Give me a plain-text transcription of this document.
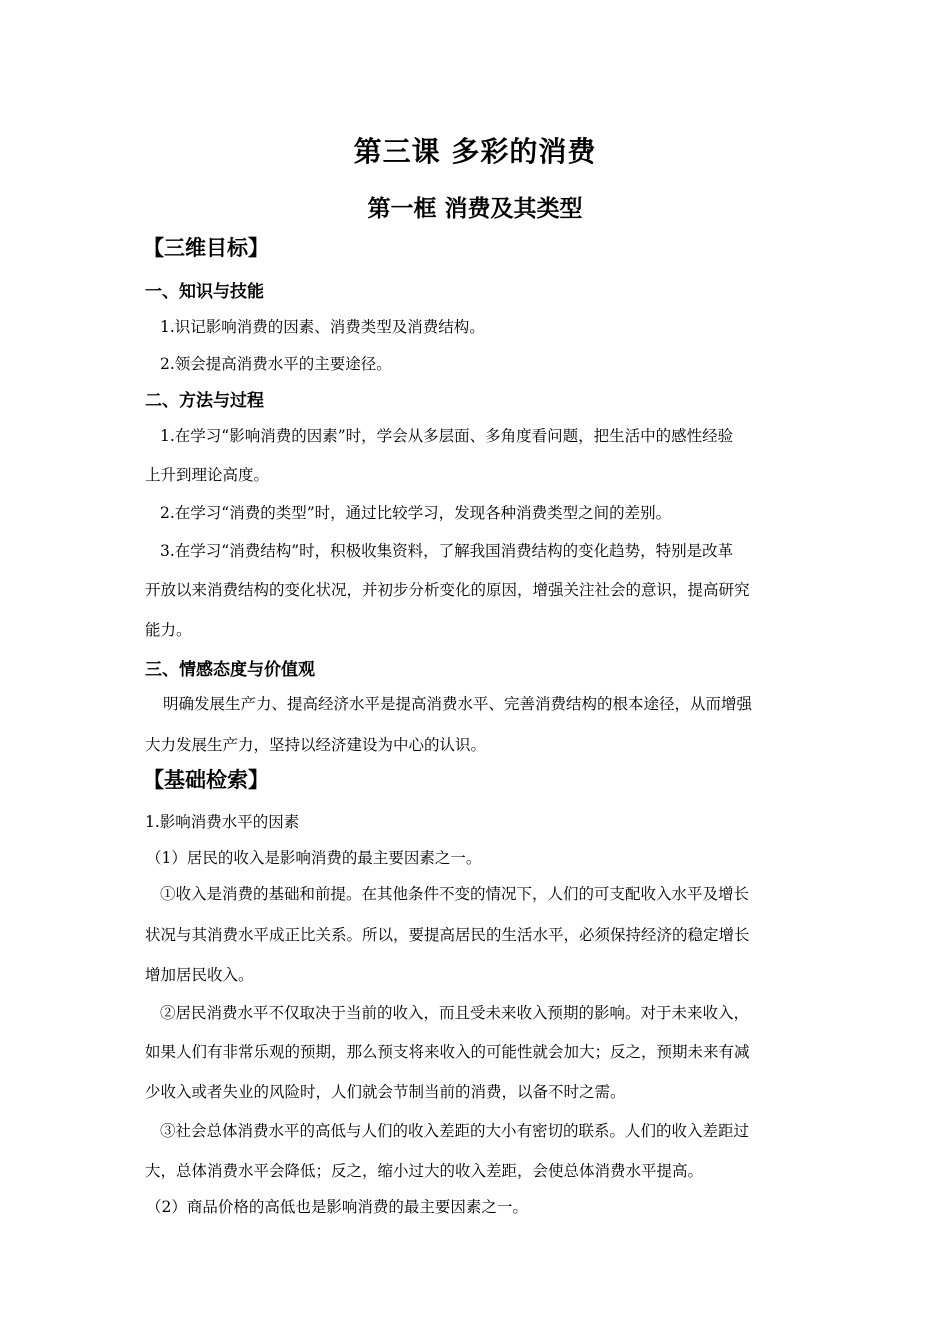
第三课 多彩的消费
第一框 消费及其类型
【三维目标】
一、知识与技能
1.识记影响消费的因素、消费类型及消费结构。
2.领会提高消费水平的主要途径。
二、方法与过程
1.在学习“影响消费的因素”时，学会从多层面、多角度看问题，把生活中的感性经验
上升到理论高度。
2.在学习“消费的类型”时，通过比较学习，发现各种消费类型之间的差别。
3.在学习“消费结构”时，积极收集资料，了解我国消费结构的变化趋势，特别是改革
开放以来消费结构的变化状况，并初步分析变化的原因，增强关注社会的意识，提高研究
能力。
三、情感态度与价值观
明确发展生产力、提高经济水平是提高消费水平、完善消费结构的根本途径，从而增强
大力发展生产力，坚持以经济建设为中心的认识。
【基础检索】
1.影响消费水平的因素
（1）居民的收入是影响消费的最主要因素之一。
①收入是消费的基础和前提。在其他条件不变的情况下，人们的可支配收入水平及增长
状况与其消费水平成正比关系。所以，要提高居民的生活水平，必须保持经济的稳定增长
增加居民收入。
②居民消费水平不仅取决于当前的收入，而且受未来收入预期的影响。对于未来收入，
如果人们有非常乐观的预期，那么预支将来收入的可能性就会加大；反之，预期未来有减
少收入或者失业的风险时，人们就会节制当前的消费，以备不时之需。
③社会总体消费水平的高低与人们的收入差距的大小有密切的联系。人们的收入差距过
大，总体消费水平会降低；反之，缩小过大的收入差距，会使总体消费水平提高。
（2）商品价格的高低也是影响消费的最主要因素之一。
